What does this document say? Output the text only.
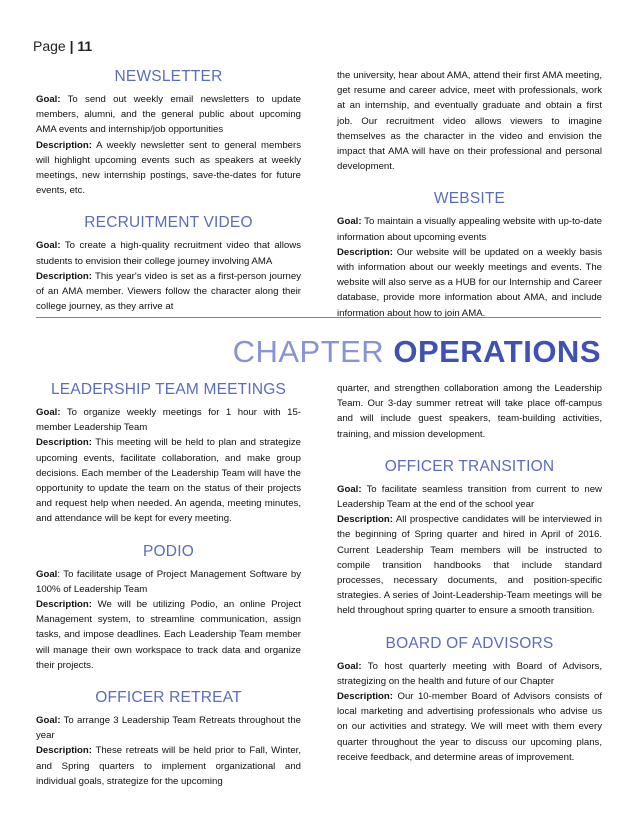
Page | 11
NEWSLETTER

Goal: To send out weekly email newsletters to update members, alumni, and the general public about upcoming AMA events and internship/job opportunities

Description: A weekly newsletter sent to general members will highlight upcoming events such as speakers at weekly meetings, new internship postings, save-the-dates for future events, etc.

RECRUITMENT VIDEO

Goal: To create a high-quality recruitment video that allows students to envision their college journey involving AMA

Description: This year's video is set as a first-person journey of an AMA member. Viewers follow the character along their college journey, as they arrive at

the university, hear about AMA, attend their first AMA meeting, get resume and career advice, meet with professionals, work at an internship, and eventually graduate and obtain a first job. Our recruitment video allows viewers to imagine themselves as the character in the video and envision the impact that AMA will have on their professional and personal development.

WEBSITE

Goal: To maintain a visually appealing website with up-to-date information about upcoming events

Description: Our website will be updated on a weekly basis with information about our weekly meetings and events. The website will also serve as a HUB for our Internship and Career database, provide more information about AMA, and include information about how to join AMA.

CHAPTER OPERATIONS
LEADERSHIP TEAM MEETINGS

Goal: To organize weekly meetings for 1 hour with 15-member Leadership Team

Description: This meeting will be held to plan and strategize upcoming events, facilitate collaboration, and make group decisions. Each member of the Leadership Team will have the opportunity to update the team on the status of their projects and request help when needed. An agenda, meeting minutes, and attendance will be kept for every meeting.

PODIO

Goal: To facilitate usage of Project Management Software by 100% of Leadership Team

Description: We will be utilizing Podio, an online Project Management system, to streamline communication, assign tasks, and impose deadlines. Each Leadership Team member will manage their own workspace to track data and organize their projects.

OFFICER RETREAT

Goal: To arrange 3 Leadership Team Retreats throughout the year

Description: These retreats will be held prior to Fall, Winter, and Spring quarters to implement organizational and individual goals, strategize for the upcoming

quarter, and strengthen collaboration among the Leadership Team. Our 3-day summer retreat will take place off-campus and will include guest speakers, team-building activities, training, and mission development.

OFFICER TRANSITION

Goal: To facilitate seamless transition from current to new Leadership Team at the end of the school year

Description: All prospective candidates will be interviewed in the beginning of Spring quarter and hired in April of 2016. Current Leadership Team members will be instructed to compile transition handbooks that include standard processes, necessary documents, and position-specific strategies. A series of Joint-Leadership-Team meetings will be held throughout spring quarter to ensure a smooth transition.

BOARD OF ADVISORS

Goal: To host quarterly meeting with Board of Advisors, strategizing on the health and future of our Chapter

Description: Our 10-member Board of Advisors consists of local marketing and advertising professionals who advise us on our activities and strategy. We will meet with them every quarter throughout the year to discuss our upcoming plans, receive feedback, and determine areas of improvement.
